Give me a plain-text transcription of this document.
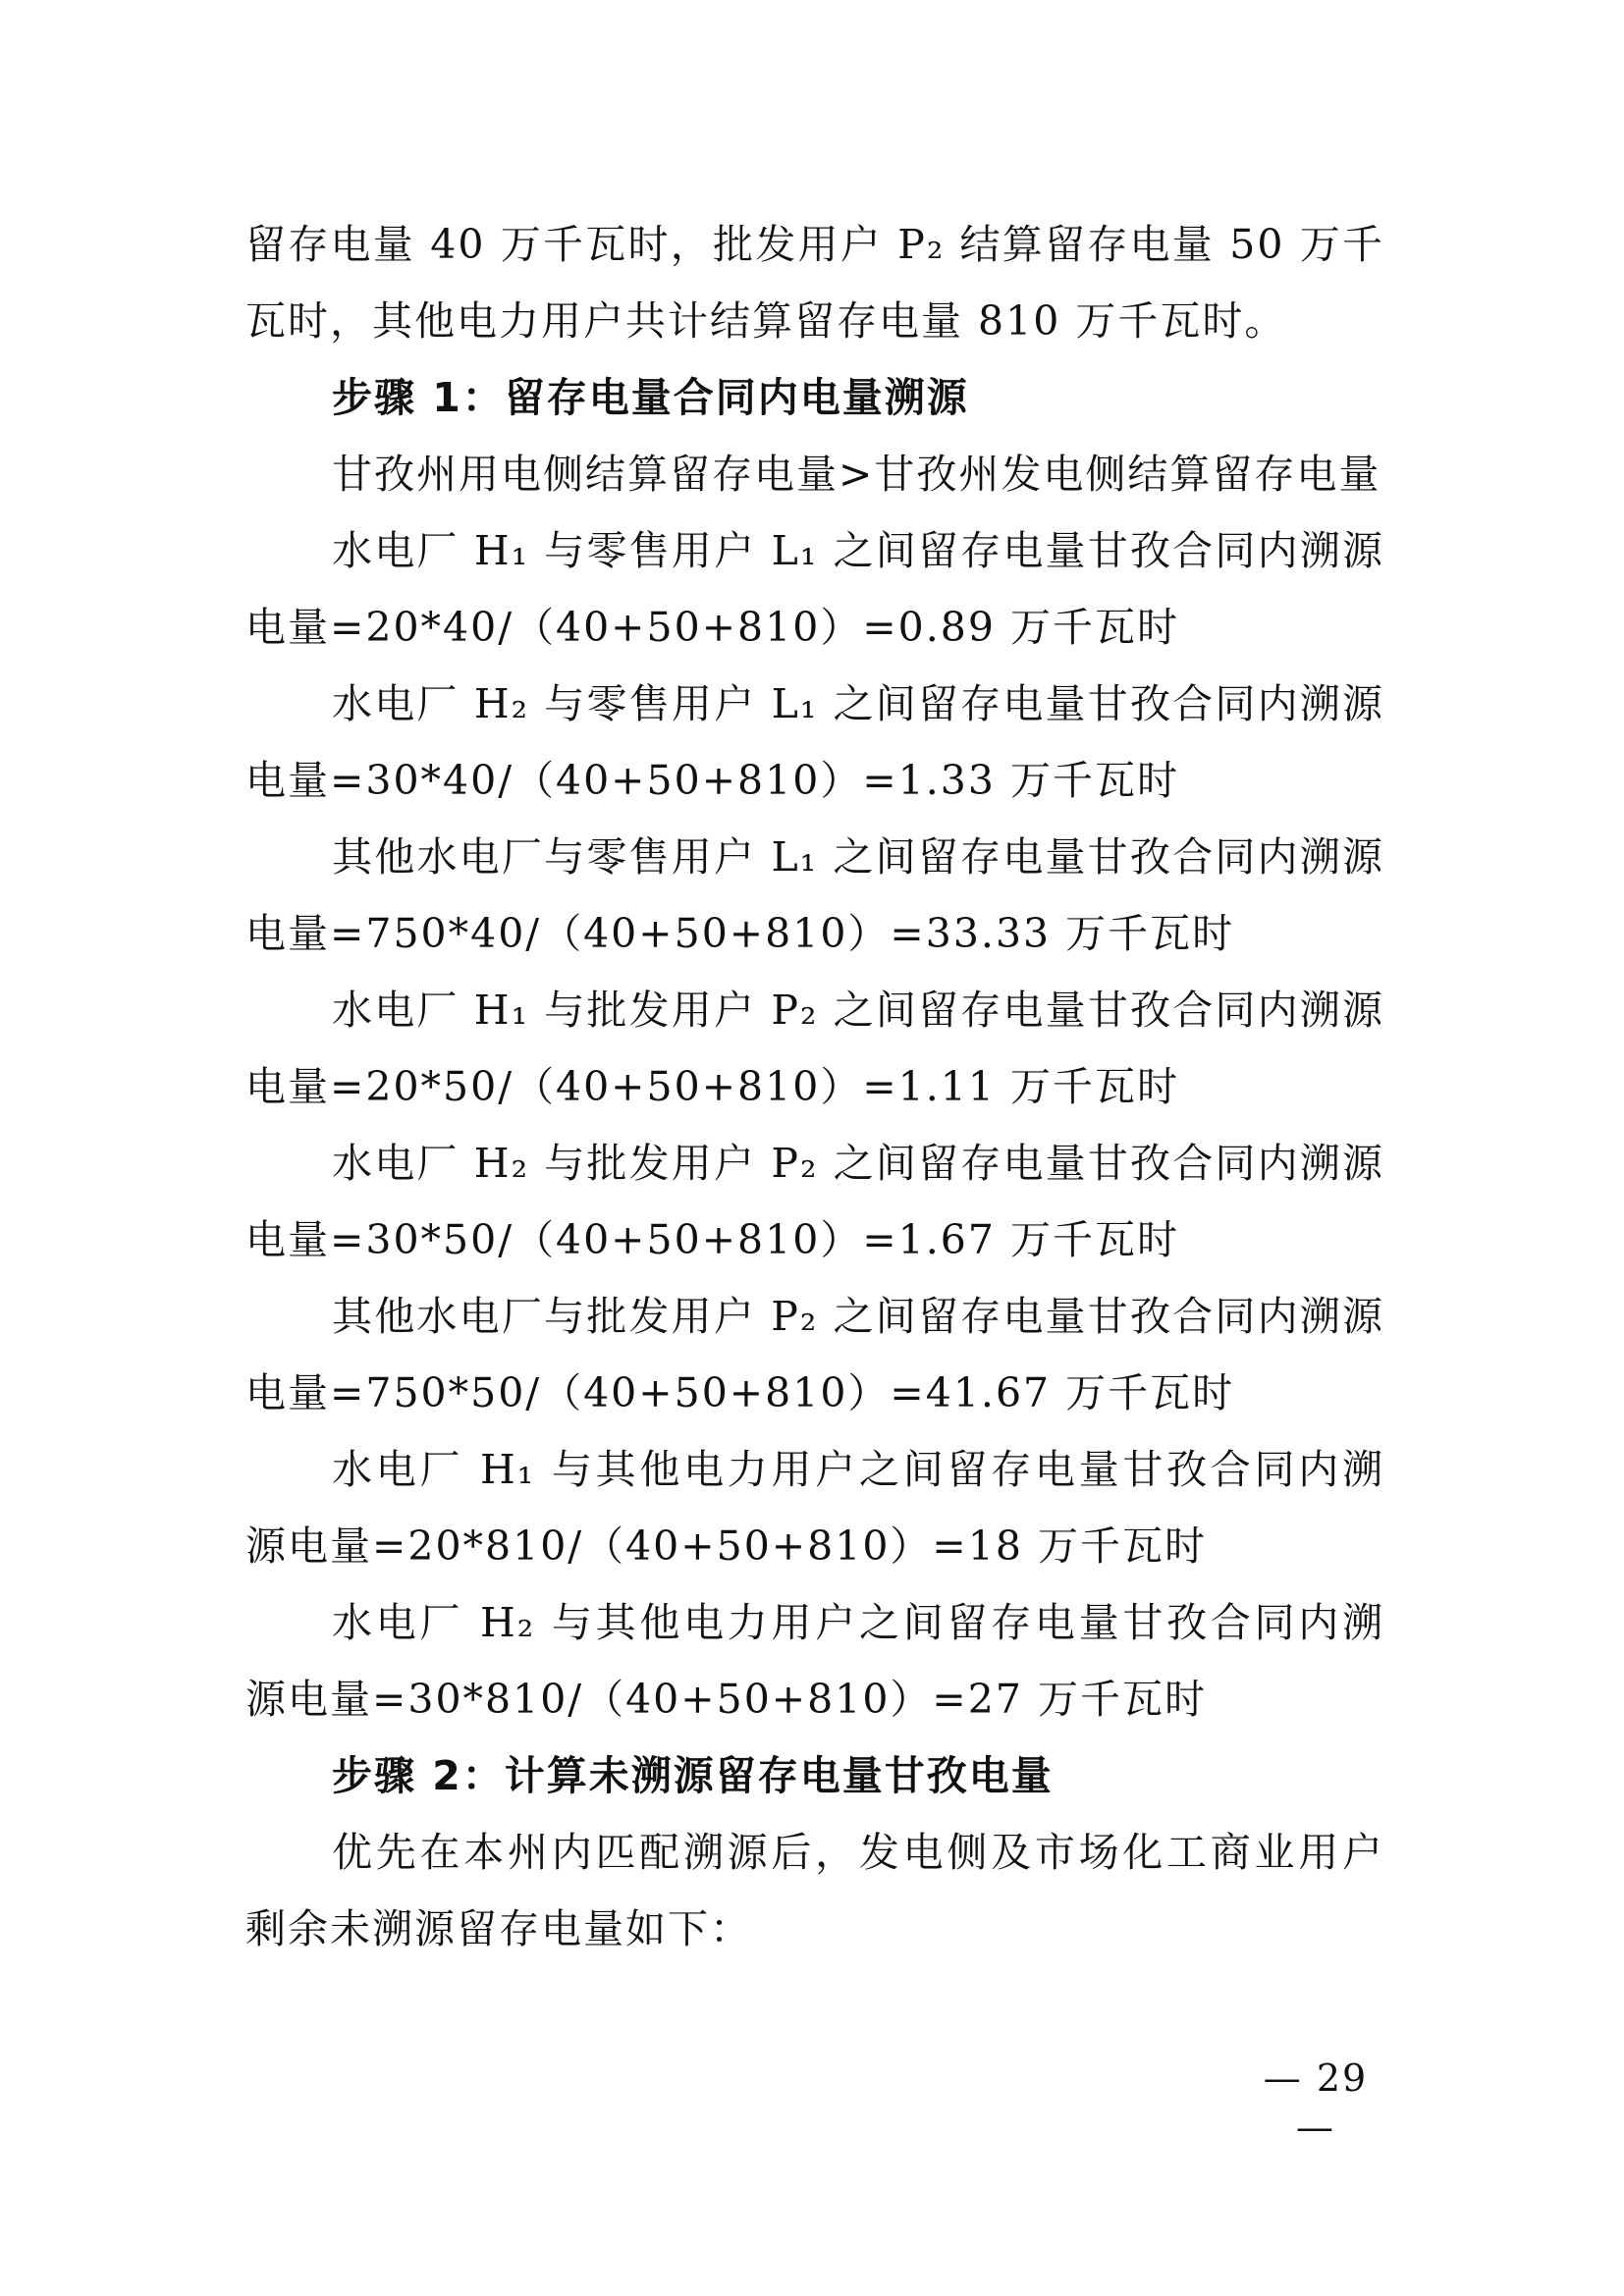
留存电量 40 万千瓦时，批发用户 P₂ 结算留存电量 50 万千瓦时，其他电力用户共计结算留存电量 810 万千瓦时。

步骤 1：留存电量合同内电量溯源

甘孜州用电侧结算留存电量>甘孜州发电侧结算留存电量

水电厂 H₁ 与零售用户 L₁ 之间留存电量甘孜合同内溯源电量=20*40/（40+50+810）=0.89 万千瓦时

水电厂 H₂ 与零售用户 L₁ 之间留存电量甘孜合同内溯源电量=30*40/（40+50+810）=1.33 万千瓦时

其他水电厂与零售用户 L₁ 之间留存电量甘孜合同内溯源电量=750*40/（40+50+810）=33.33 万千瓦时

水电厂 H₁ 与批发用户 P₂ 之间留存电量甘孜合同内溯源电量=20*50/（40+50+810）=1.11 万千瓦时

水电厂 H₂ 与批发用户 P₂ 之间留存电量甘孜合同内溯源电量=30*50/（40+50+810）=1.67 万千瓦时

其他水电厂与批发用户 P₂ 之间留存电量甘孜合同内溯源电量=750*50/（40+50+810）=41.67 万千瓦时

水电厂 H₁ 与其他电力用户之间留存电量甘孜合同内溯源电量=20*810/（40+50+810）=18 万千瓦时

水电厂 H₂ 与其他电力用户之间留存电量甘孜合同内溯源电量=30*810/（40+50+810）=27 万千瓦时

步骤 2：计算未溯源留存电量甘孜电量

优先在本州内匹配溯源后，发电侧及市场化工商业用户剩余未溯源留存电量如下：

— 29 —
